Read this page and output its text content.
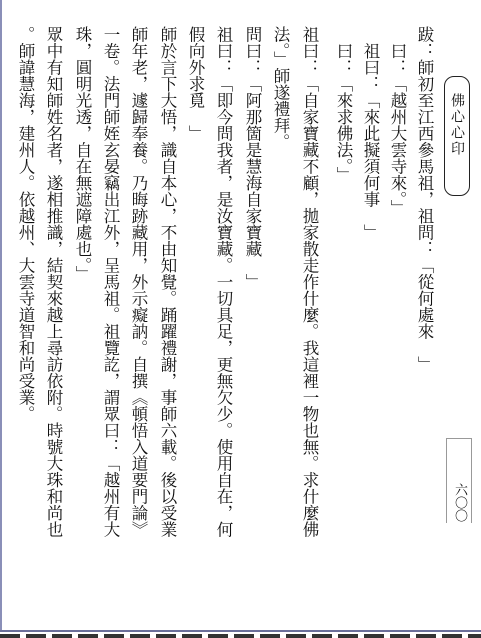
佛心心印
跋：師初至江西參馬祖，祖問：「從何處來　」
　曰：「越州大雲寺來。」
　祖曰：「來此擬須何事　」
　曰：「來求佛法。」
祖曰：「自家寶藏不顧，拋家散走作什麼。我這裡一物也無。求什麼佛
法。」師遂禮拜。
問曰：「阿那箇是慧海自家寶藏　」
祖曰：「即今問我者，是汝寶藏。一切具足，更無欠少。使用自在，何
假向外求覓　」
師於言下大悟，識自本心，不由知覺。踊躍禮謝，事師六載。後以受業
師年老，遽歸奉養。乃晦跡藏用，外示癡訥。自撰《頓悟入道要門論》
一卷。法門師姪玄晏竊出江外，呈馬祖。祖覽訖，謂眾曰：「越州有大
珠，圓明光透，自在無遮障處也。」
眾中有知師姓名者，遂相推識，結契來越上尋訪依附。時號大珠和尚也
。師諱慧海，建州人。依越州、大雲寺道智和尚受業。
六〇〇
